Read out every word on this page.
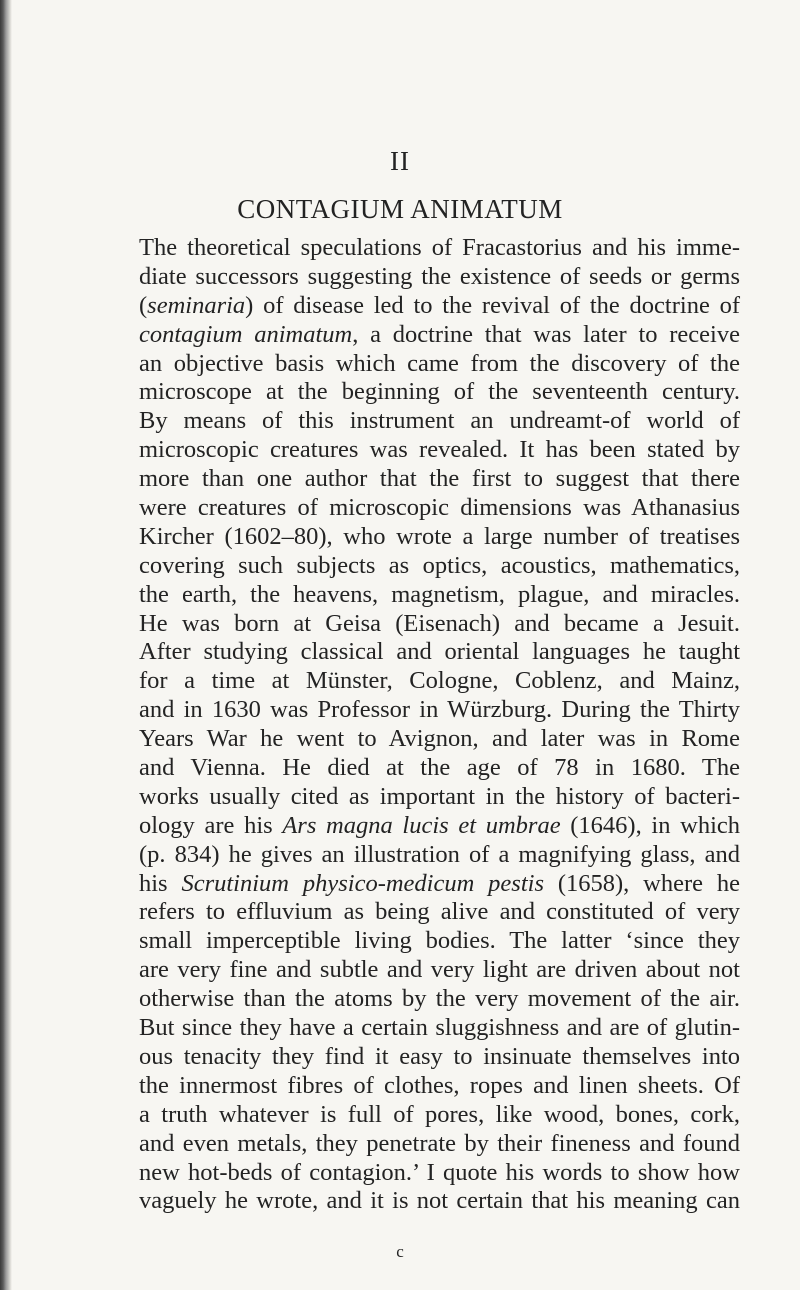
II
CONTAGIUM ANIMATUM
The theoretical speculations of Fracastorius and his imme-
diate successors suggesting the existence of seeds or germs
(seminaria) of disease led to the revival of the doctrine of
contagium animatum, a doctrine that was later to receive
an objective basis which came from the discovery of the
microscope at the beginning of the seventeenth century.
By means of this instrument an undreamt-of world of
microscopic creatures was revealed. It has been stated by
more than one author that the first to suggest that there
were creatures of microscopic dimensions was Athanasius
Kircher (1602–80), who wrote a large number of treatises
covering such subjects as optics, acoustics, mathematics,
the earth, the heavens, magnetism, plague, and miracles.
He was born at Geisa (Eisenach) and became a Jesuit.
After studying classical and oriental languages he taught
for a time at Münster, Cologne, Coblenz, and Mainz,
and in 1630 was Professor in Würzburg. During the Thirty
Years War he went to Avignon, and later was in Rome
and Vienna. He died at the age of 78 in 1680. The
works usually cited as important in the history of bacteri-
ology are his Ars magna lucis et umbrae (1646), in which
(p. 834) he gives an illustration of a magnifying glass, and
his Scrutinium physico-medicum pestis (1658), where he
refers to effluvium as being alive and constituted of very
small imperceptible living bodies. The latter ‘since they
are very fine and subtle and very light are driven about not
otherwise than the atoms by the very movement of the air.
But since they have a certain sluggishness and are of glutin-
ous tenacity they find it easy to insinuate themselves into
the innermost fibres of clothes, ropes and linen sheets. Of
a truth whatever is full of pores, like wood, bones, cork,
and even metals, they penetrate by their fineness and found
new hot-beds of contagion.’ I quote his words to show how
vaguely he wrote, and it is not certain that his meaning can
c
